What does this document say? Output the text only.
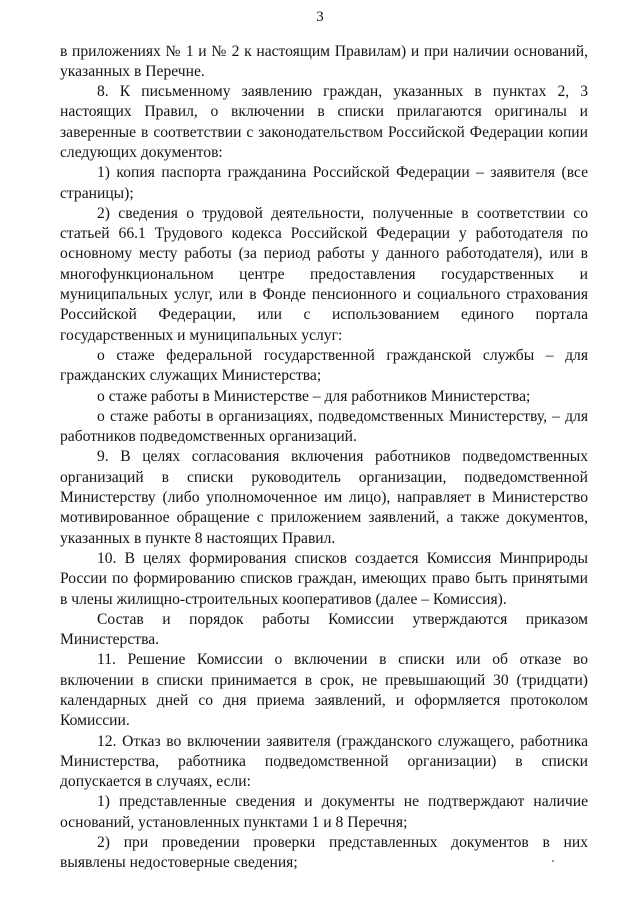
3

в приложениях № 1 и № 2 к настоящим Правилам) и при наличии оснований, указанных в Перечне.

8. К письменному заявлению граждан, указанных в пунктах 2, 3 настоящих Правил, о включении в списки прилагаются оригиналы и заверенные в соответствии с законодательством Российской Федерации копии следующих документов:

1) копия паспорта гражданина Российской Федерации – заявителя (все страницы);

2) сведения о трудовой деятельности, полученные в соответствии со статьей 66.1 Трудового кодекса Российской Федерации у работодателя по основному месту работы (за период работы у данного работодателя), или в многофункциональном центре предоставления государственных и муниципальных услуг, или в Фонде пенсионного и социального страхования Российской Федерации, или с использованием единого портала государственных и муниципальных услуг:

о стаже федеральной государственной гражданской службы – для гражданских служащих Министерства;

о стаже работы в Министерстве – для работников Министерства;

о стаже работы в организациях, подведомственных Министерству, – для работников подведомственных организаций.

9. В целях согласования включения работников подведомственных организаций в списки руководитель организации, подведомственной Министерству (либо уполномоченное им лицо), направляет в Министерство мотивированное обращение с приложением заявлений, а также документов, указанных в пункте 8 настоящих Правил.

10. В целях формирования списков создается Комиссия Минприроды России по формированию списков граждан, имеющих право быть принятыми в члены жилищно-строительных кооперативов (далее – Комиссия).

Состав и порядок работы Комиссии утверждаются приказом Министерства.

11. Решение Комиссии о включении в списки или об отказе во включении в списки принимается в срок, не превышающий 30 (тридцати) календарных дней со дня приема заявлений, и оформляется протоколом Комиссии.

12. Отказ во включении заявителя (гражданского служащего, работника Министерства, работника подведомственной организации) в списки допускается в случаях, если:

1) представленные сведения и документы не подтверждают наличие оснований, установленных пунктами 1 и 8 Перечня;

2) при проведении проверки представленных документов в них выявлены недостоверные сведения;
